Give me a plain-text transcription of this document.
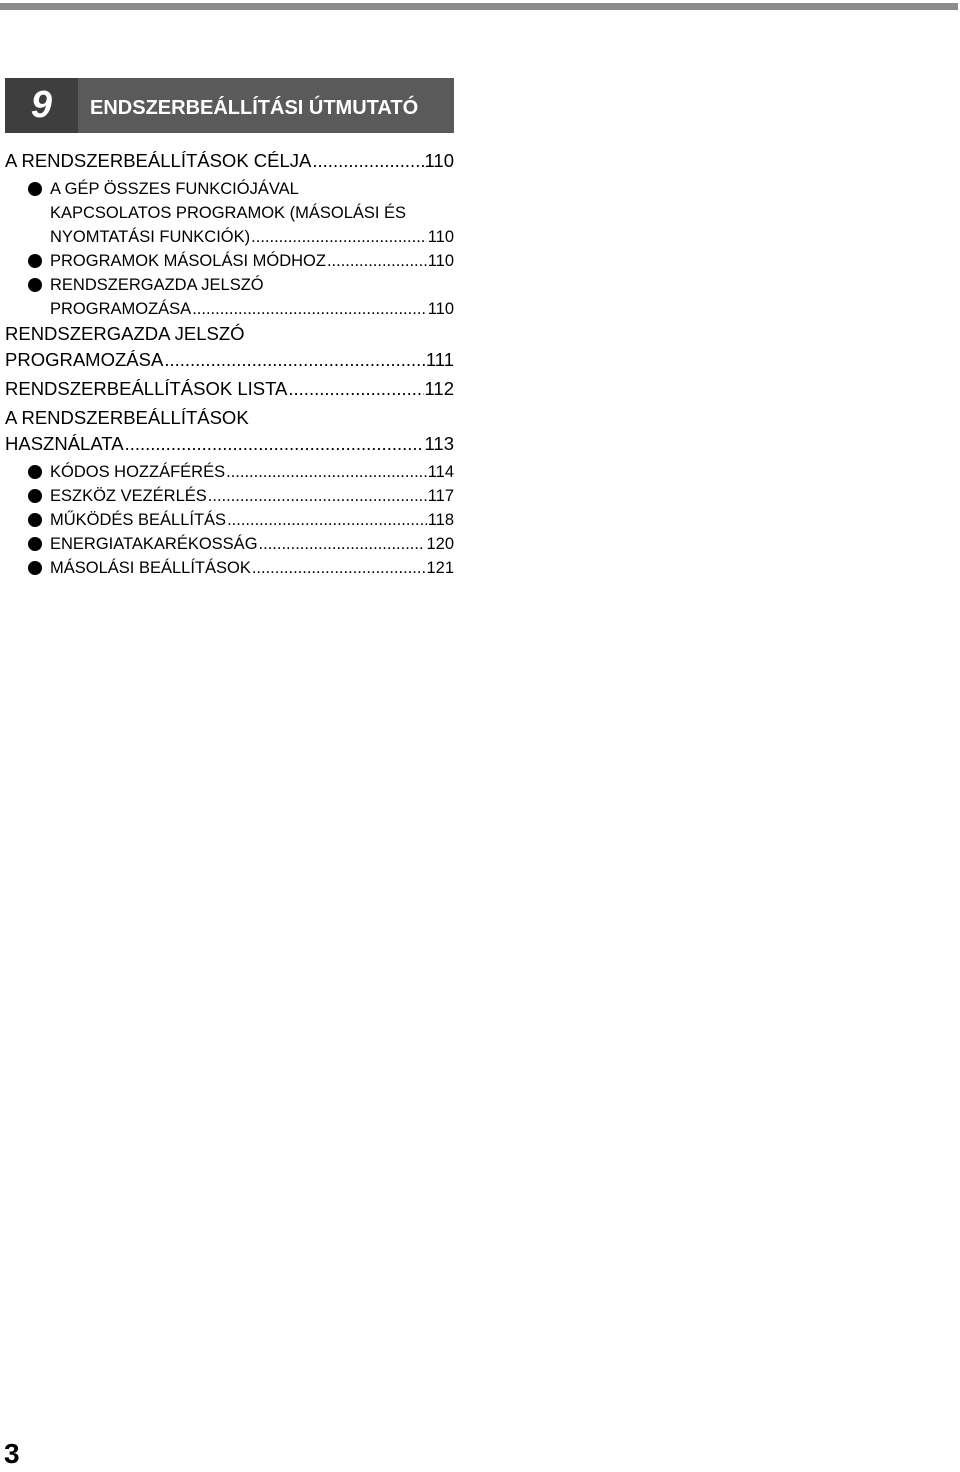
9	ENDSZERBEÁLLÍTÁSI ÚTMUTATÓ
A RENDSZERBEÁLLÍTÁSOK CÉLJA .....	110
A GÉP ÖSSZES FUNKCIÓJÁVAL
KAPCSOLATOS PROGRAMOK (MÁSOLÁSI ÉS
NYOMTATÁSI FUNKCIÓK) .....	110
PROGRAMOK MÁSOLÁSI MÓDHOZ .....	110
RENDSZERGAZDA JELSZÓ
PROGRAMOZÁSA .....	110
RENDSZERGAZDA JELSZÓ
PROGRAMOZÁSA .....	111
RENDSZERBEÁLLÍTÁSOK LISTA .....	112
A RENDSZERBEÁLLÍTÁSOK
HASZNÁLATA .....	113
KÓDOS HOZZÁFÉRÉS .....	114
ESZKÖZ VEZÉRLÉS .....	117
MŰKÖDÉS BEÁLLÍTÁS .....	118
ENERGIATAKARÉKOSSÁG .....	120
MÁSOLÁSI BEÁLLÍTÁSOK .....	121
3
